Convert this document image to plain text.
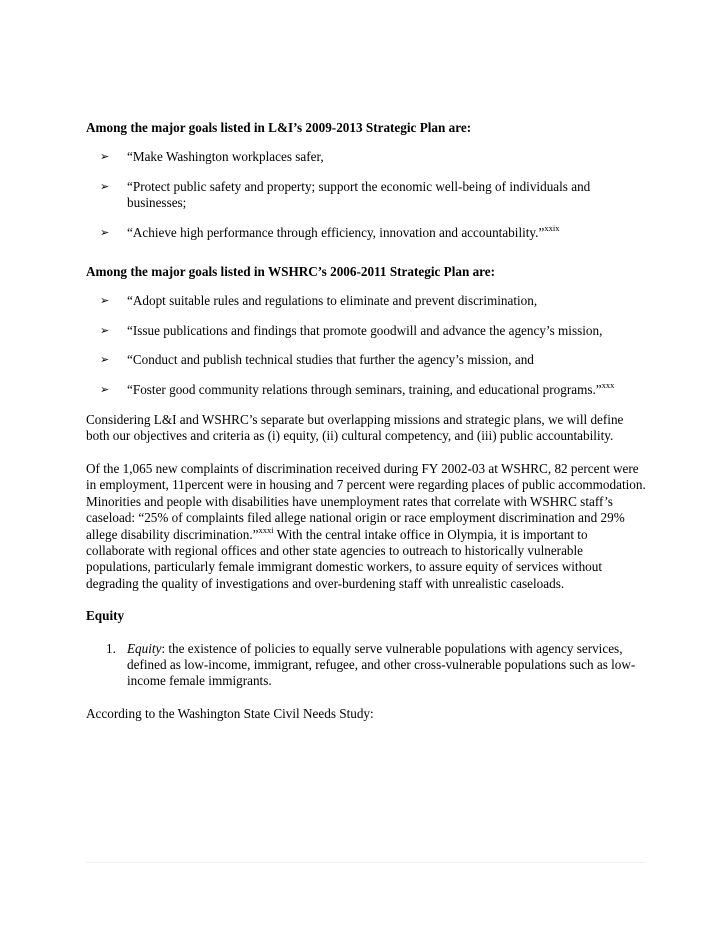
Among the major goals listed in L&I’s 2009-2013 Strategic Plan are:

➢ “Make Washington workplaces safer,
➢ “Protect public safety and property; support the economic well-being of individuals and businesses;
➢ “Achieve high performance through efficiency, innovation and accountability.”$^{xxix}$

Among the major goals listed in WSHRC’s 2006-2011 Strategic Plan are:

➢ “Adopt suitable rules and regulations to eliminate and prevent discrimination,
➢ “Issue publications and findings that promote goodwill and advance the agency’s mission,
➢ “Conduct and publish technical studies that further the agency’s mission, and
➢ “Foster good community relations through seminars, training, and educational programs.”$^{xxx}$

Considering L&I and WSHRC’s separate but overlapping missions and strategic plans, we will define both our objectives and criteria as (i) equity, (ii) cultural competency, and (iii) public accountability.

Of the 1,065 new complaints of discrimination received during FY 2002-03 at WSHRC, 82 percent were in employment, 11percent were in housing and 7 percent were regarding places of public accommodation. Minorities and people with disabilities have unemployment rates that correlate with WSHRC staff’s caseload: “25% of complaints filed allege national origin or race employment discrimination and 29% allege disability discrimination.”$^{xxxi}$ With the central intake office in Olympia, it is important to collaborate with regional offices and other state agencies to outreach to historically vulnerable populations, particularly female immigrant domestic workers, to assure equity of services without degrading the quality of investigations and over-burdening staff with unrealistic caseloads.

Equity

1. Equity: the existence of policies to equally serve vulnerable populations with agency services, defined as low-income, immigrant, refugee, and other cross-vulnerable populations such as low-income female immigrants.

According to the Washington State Civil Needs Study:
